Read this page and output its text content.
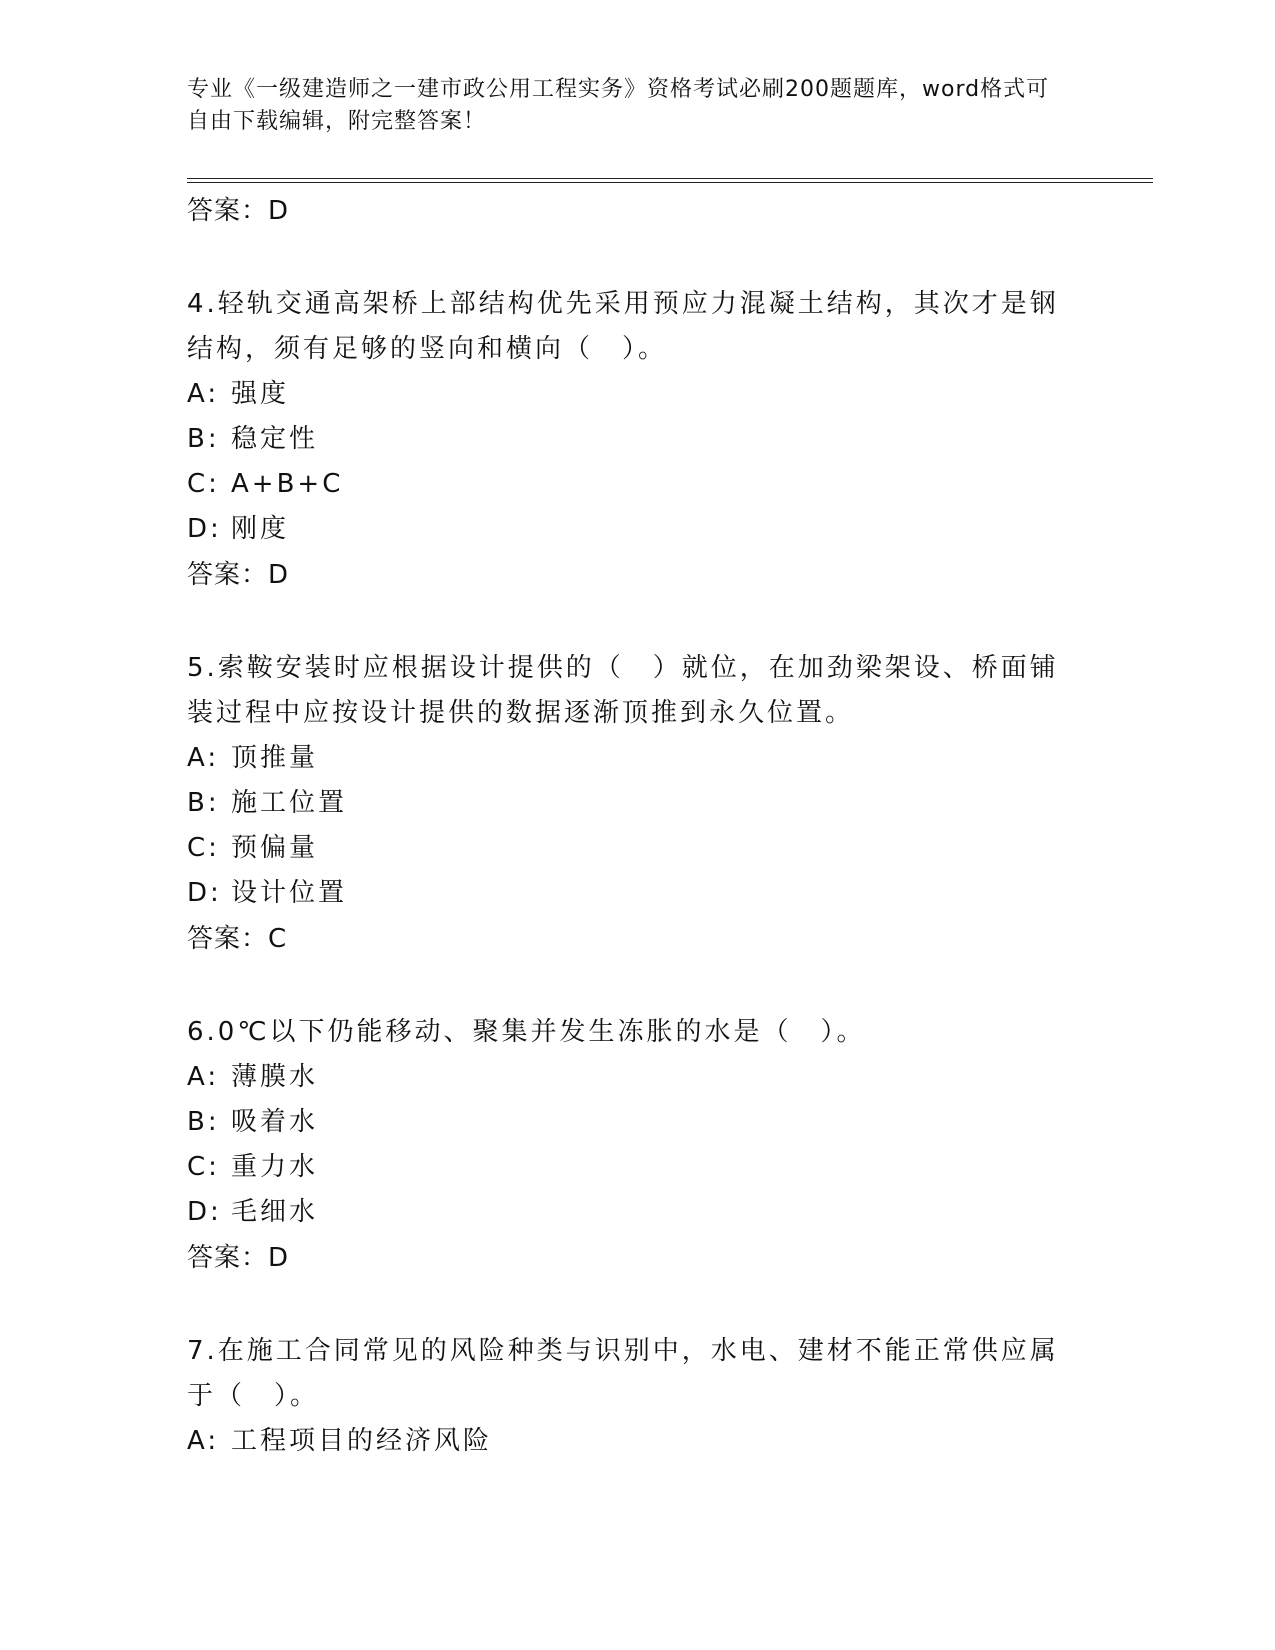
专业《一级建造师之一建市政公用工程实务》资格考试必刷200题题库，word格式可自由下载编辑，附完整答案！
答案：D

4.轻轨交通高架桥上部结构优先采用预应力混凝土结构，其次才是钢结构，须有足够的竖向和横向（　）。

A: 强度
B: 稳定性
C: A+B+C
D: 刚度
答案：D

5.索鞍安装时应根据设计提供的（　）就位，在加劲梁架设、桥面铺装过程中应按设计提供的数据逐渐顶推到永久位置。

A: 顶推量
B: 施工位置
C: 预偏量
D: 设计位置
答案：C

6.0℃以下仍能移动、聚集并发生冻胀的水是（　）。

A: 薄膜水
B: 吸着水
C: 重力水
D: 毛细水
答案：D

7.在施工合同常见的风险种类与识别中，水电、建材不能正常供应属于（　）。

A: 工程项目的经济风险
